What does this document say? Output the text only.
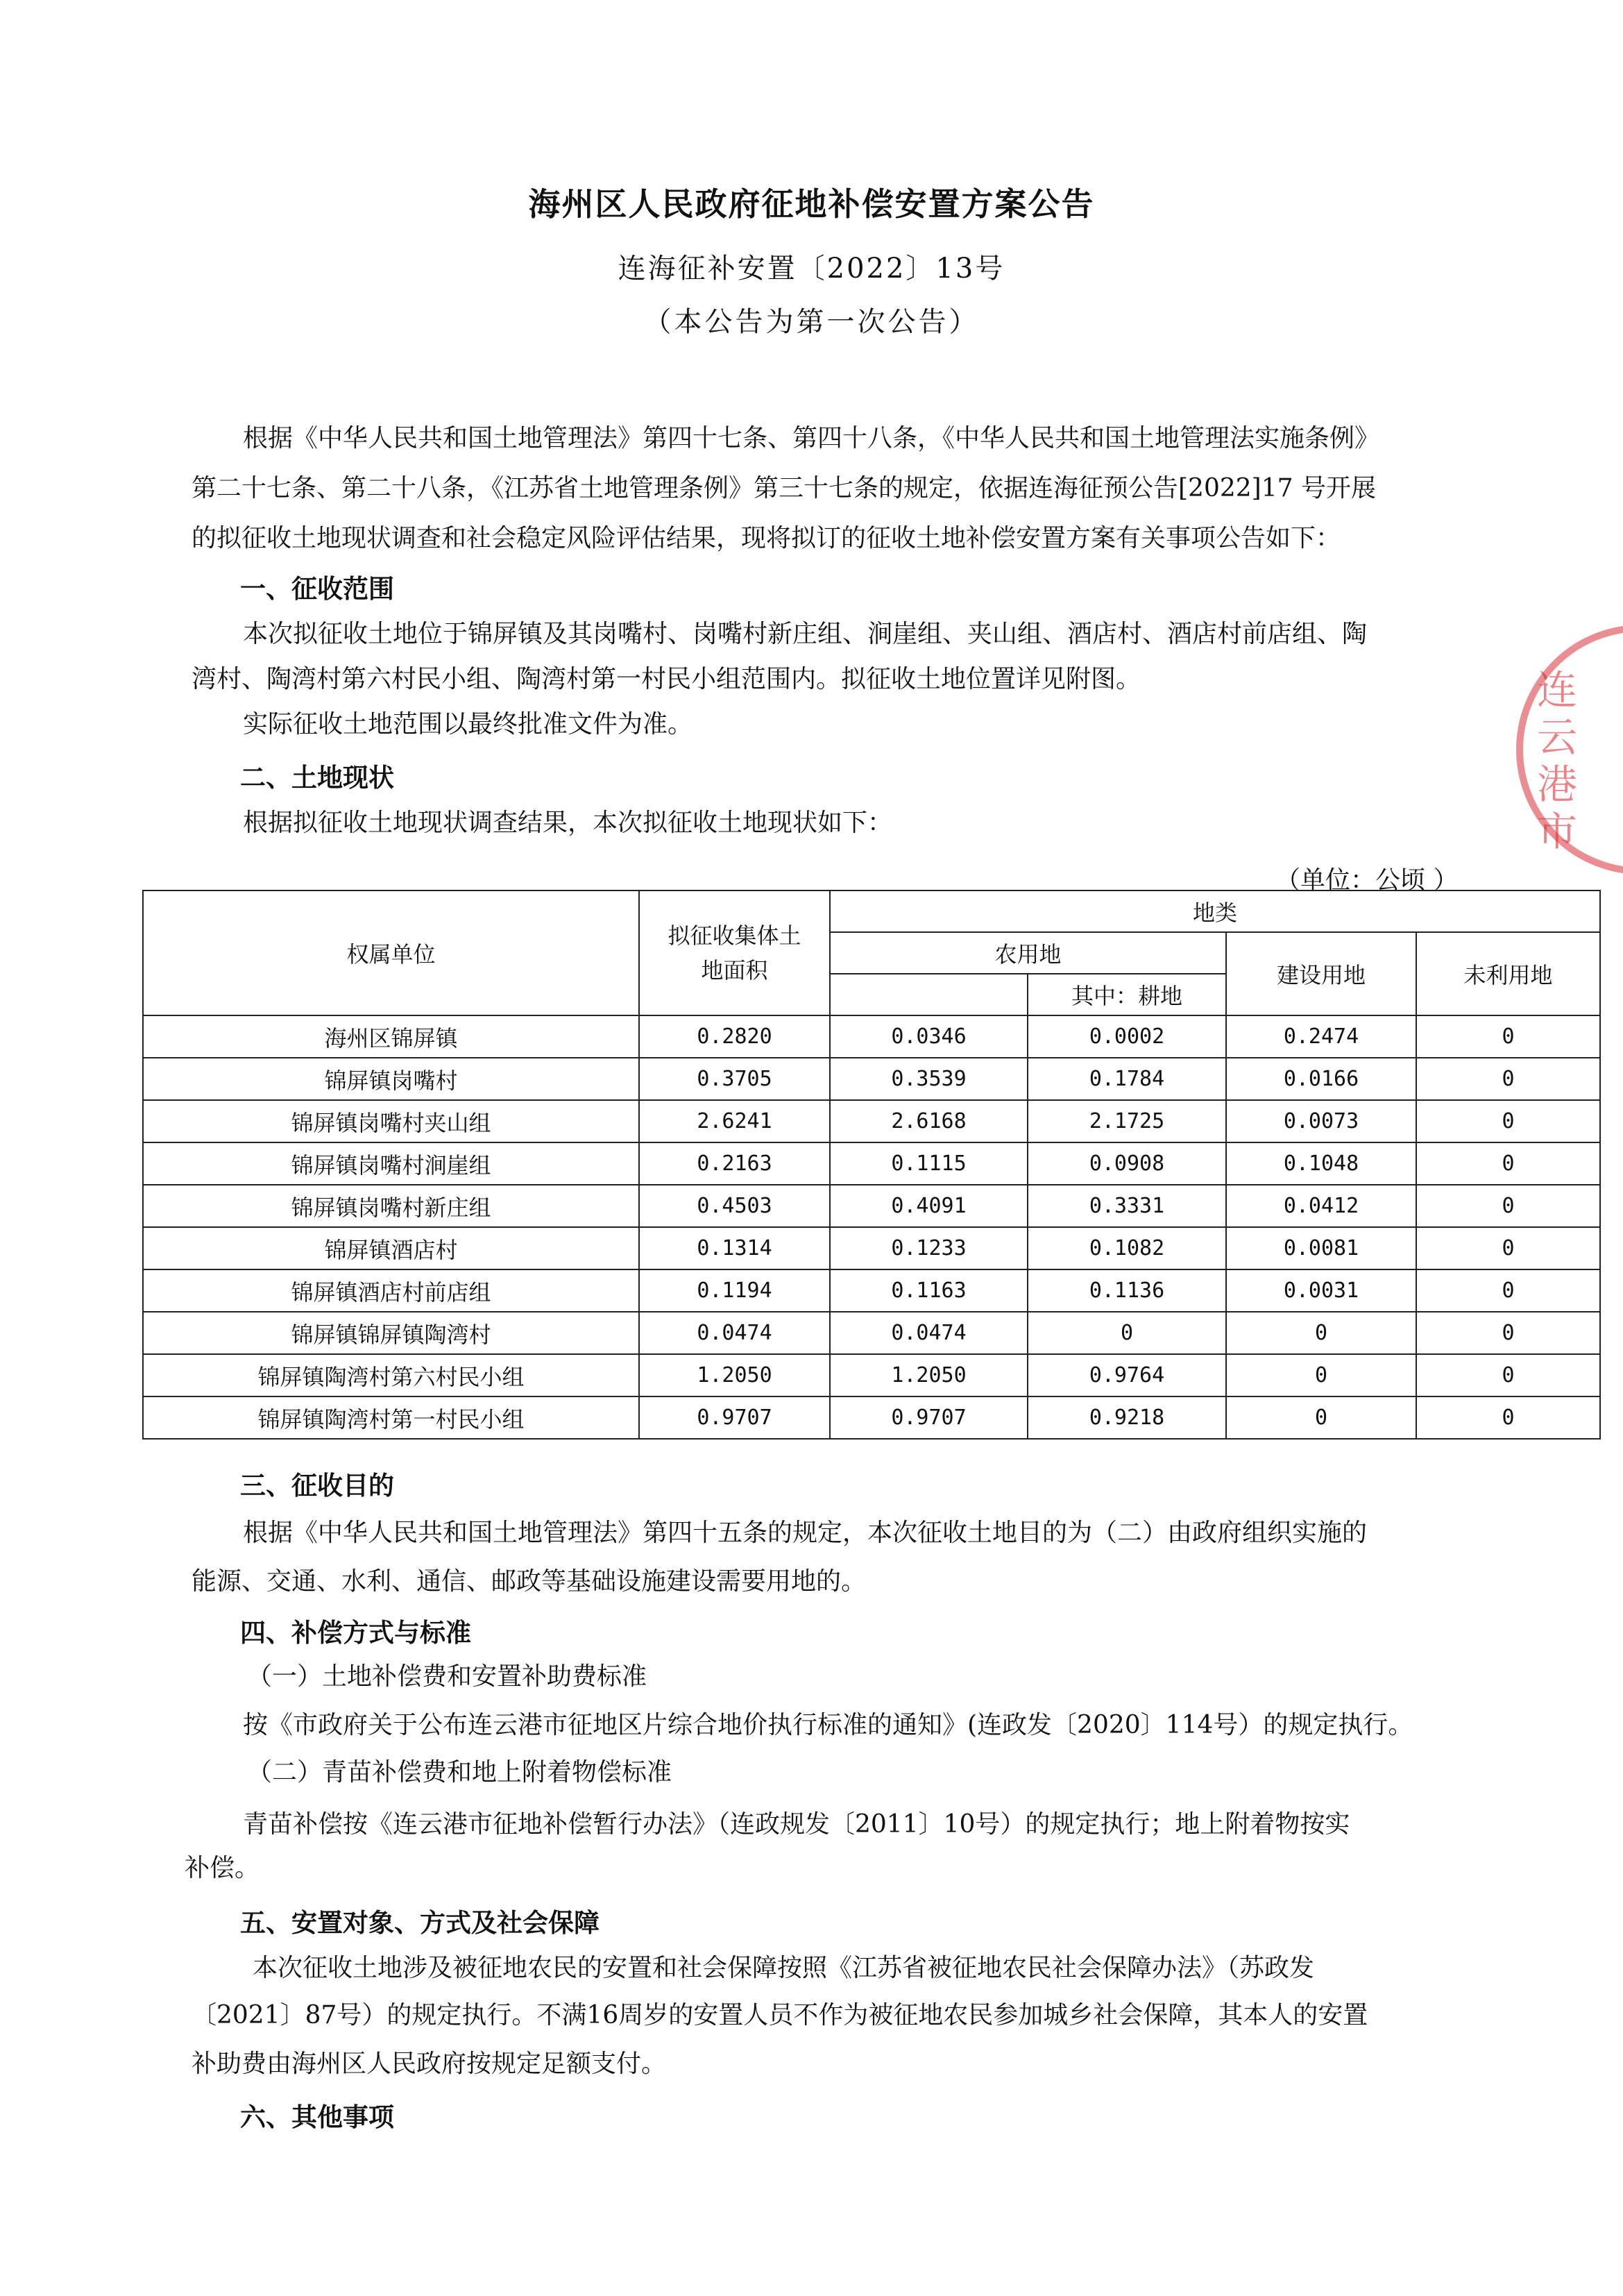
海州区人民政府征地补偿安置方案公告
连海征补安置〔2022〕13号
（本公告为第一次公告）
根据《中华人民共和国土地管理法》第四十七条、第四十八条，《中华人民共和国土地管理法实施条例》
第二十七条、第二十八条，《江苏省土地管理条例》第三十七条的规定，依据连海征预公告[2022]17 号开展
的拟征收土地现状调查和社会稳定风险评估结果，现将拟订的征收土地补偿安置方案有关事项公告如下：
一、征收范围
本次拟征收土地位于锦屏镇及其岗嘴村、岗嘴村新庄组、涧崖组、夹山组、酒店村、酒店村前店组、陶
湾村、陶湾村第六村民小组、陶湾村第一村民小组范围内。拟征收土地位置详见附图。
实际征收土地范围以最终批准文件为准。
二、土地现状
根据拟征收土地现状调查结果，本次拟征收土地现状如下：
（单位：公顷 ）
权属单位	拟征收集体土地面积	地类			
		农用地		建设用地	未利用地
			其中：耕地		
海州区锦屏镇	0.2820	0.0346	0.0002	0.2474	0
锦屏镇岗嘴村	0.3705	0.3539	0.1784	0.0166	0
锦屏镇岗嘴村夹山组	2.6241	2.6168	2.1725	0.0073	0
锦屏镇岗嘴村涧崖组	0.2163	0.1115	0.0908	0.1048	0
锦屏镇岗嘴村新庄组	0.4503	0.4091	0.3331	0.0412	0
锦屏镇酒店村	0.1314	0.1233	0.1082	0.0081	0
锦屏镇酒店村前店组	0.1194	0.1163	0.1136	0.0031	0
锦屏镇锦屏镇陶湾村	0.0474	0.0474	0	0	0
锦屏镇陶湾村第六村民小组	1.2050	1.2050	0.9764	0	0
锦屏镇陶湾村第一村民小组	0.9707	0.9707	0.9218	0	0
三、征收目的
根据《中华人民共和国土地管理法》第四十五条的规定，本次征收土地目的为（二）由政府组织实施的
能源、交通、水利、通信、邮政等基础设施建设需要用地的。
四、补偿方式与标准
（一）土地补偿费和安置补助费标准
按《市政府关于公布连云港市征地区片综合地价执行标准的通知》(连政发〔2020〕114号）的规定执行。
（二）青苗补偿费和地上附着物偿标准
青苗补偿按《连云港市征地补偿暂行办法》（连政规发〔2011〕10号）的规定执行；地上附着物按实
补偿。
五、安置对象、方式及社会保障
本次征收土地涉及被征地农民的安置和社会保障按照《江苏省被征地农民社会保障办法》（苏政发
〔2021〕87号）的规定执行。不满16周岁的安置人员不作为被征地农民参加城乡社会保障，其本人的安置
补助费由海州区人民政府按规定足额支付。
六、其他事项
连云港市
